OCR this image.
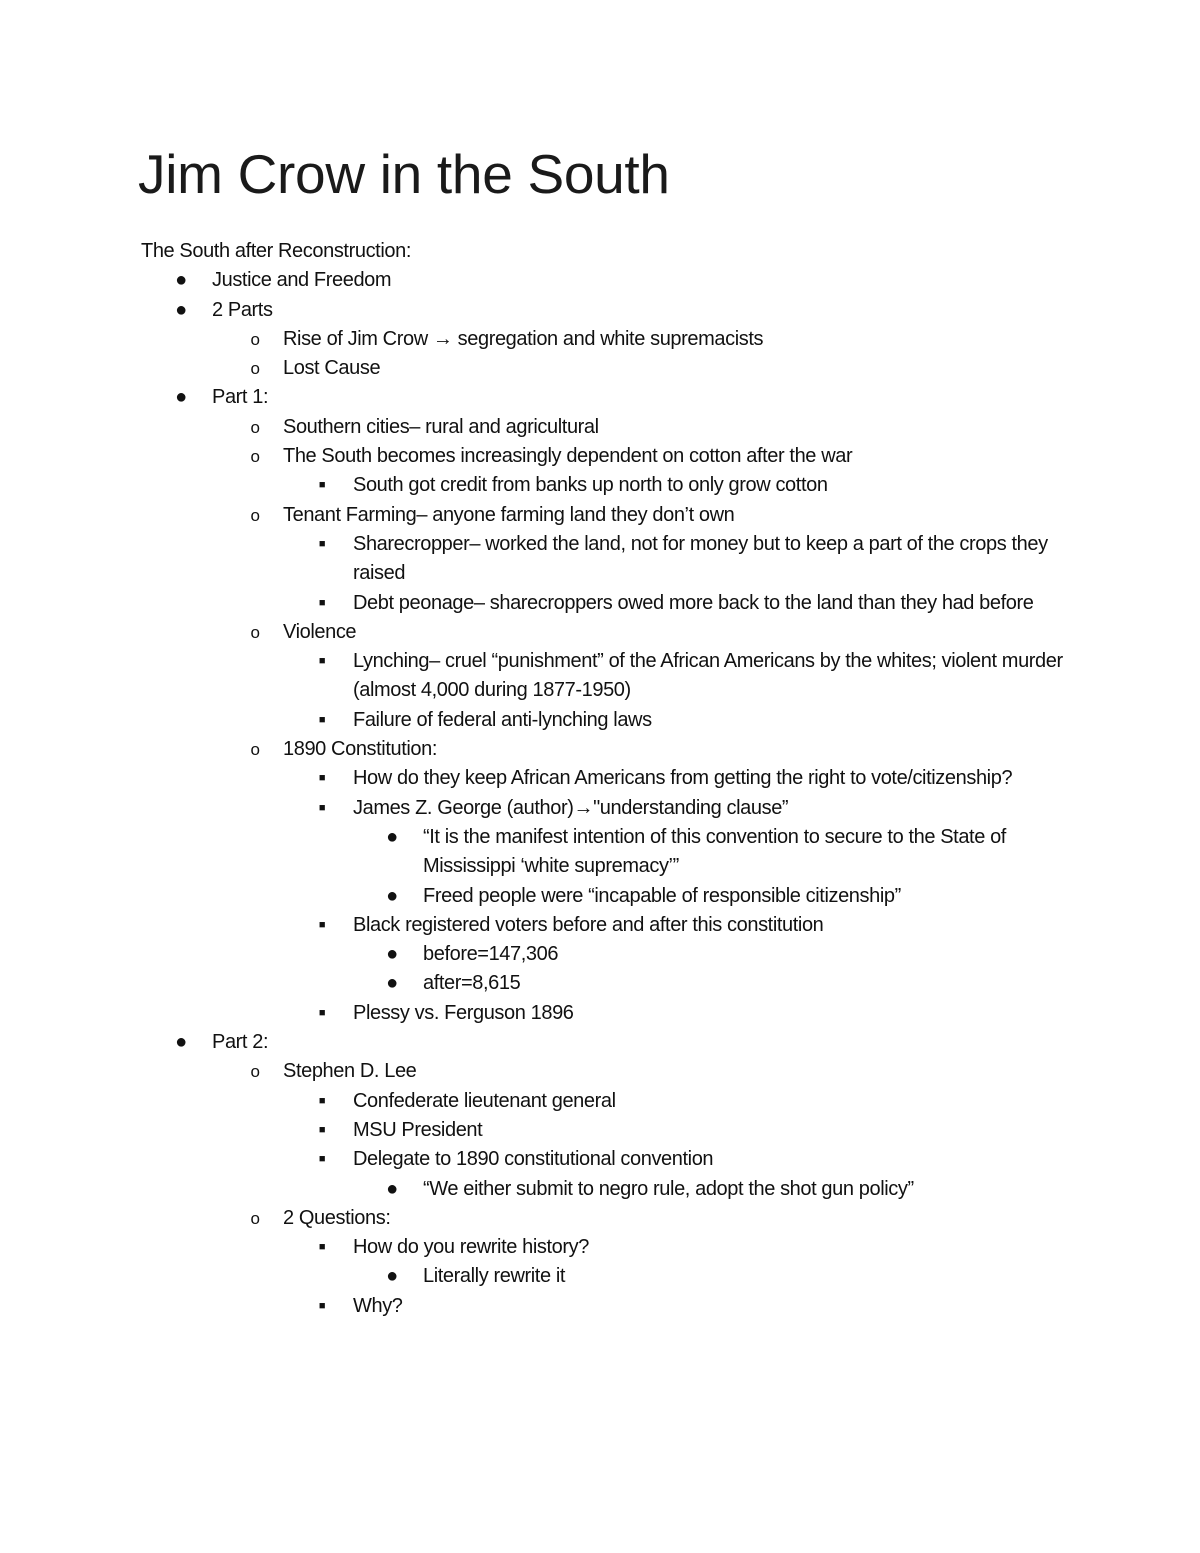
Jim Crow in the South
The South after Reconstruction:
● Justice and Freedom
● 2 Parts
o Rise of Jim Crow → segregation and white supremacists
o Lost Cause
● Part 1:
o Southern cities– rural and agricultural
o The South becomes increasingly dependent on cotton after the war
■	South got credit from banks up north to only grow cotton
o Tenant Farming– anyone farming land they don’t own
■	Sharecropper– worked the land, not for money but to keep a part of the crops they raised
■	Debt peonage– sharecroppers owed more back to the land than they had before
o Violence
■	Lynching– cruel “punishment” of the African Americans by the whites; violent murder (almost 4,000 during 1877-1950)
■	Failure of federal anti-lynching laws
o 1890 Constitution:
■	How do they keep African Americans from getting the right to vote/citizenship?
■	James Z. George (author)→"understanding clause”
● “It is the manifest intention of this convention to secure to the State of Mississippi ‘white supremacy’”
● Freed people were “incapable of responsible citizenship”
■	Black registered voters before and after this constitution
● before=147,306
● after=8,615
■	Plessy vs. Ferguson 1896
● Part 2:
o Stephen D. Lee
■	Confederate lieutenant general
■	MSU President
■	Delegate to 1890 constitutional convention
● “We either submit to negro rule, adopt the shot gun policy”
o 2 Questions:
■	How do you rewrite history?
● Literally rewrite it
■	Why?
